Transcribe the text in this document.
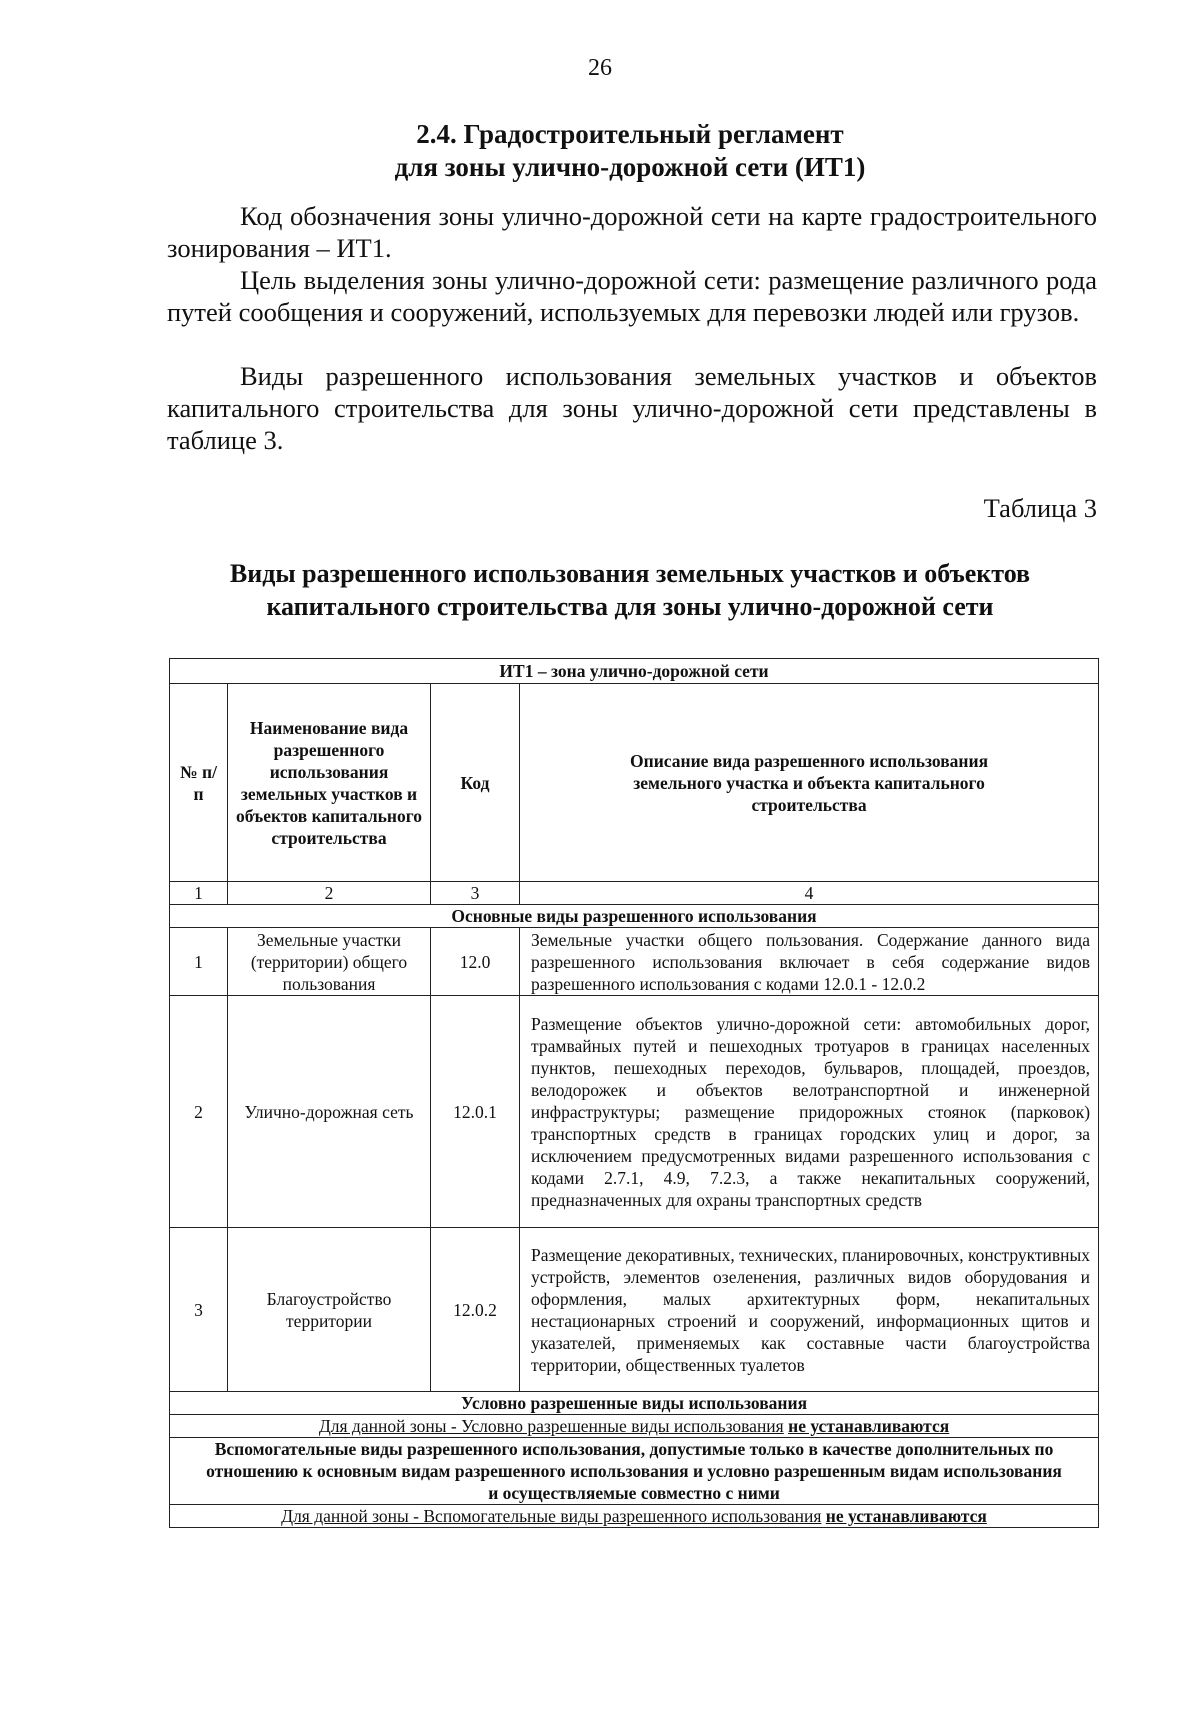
26
2.4. Градостроительный регламент
для зоны улично-дорожной сети (ИТ1)
Код обозначения зоны улично-дорожной сети на карте градостроительного зонирования – ИТ1.
Цель выделения зоны улично-дорожной сети: размещение различного рода путей сообщения и сооружений, используемых для перевозки людей или грузов.
Виды разрешенного использования земельных участков и объектов капитального строительства для зоны улично-дорожной сети представлены в таблице 3.
Таблица 3
Виды разрешенного использования земельных участков и объектов
капитального строительства для зоны улично-дорожной сети
ИТ1 – зона улично-дорожной сети			
№ п/п	Наименование вида разрешенного использования земельных участков и объектов капитального строительства	Код	Описание вида разрешенного использования земельного участка и объекта капитального строительства
1	2	3	4
Основные виды разрешенного использования			
1	Земельные участки (территории) общего пользования	12.0	Земельные участки общего пользования. Содержание данного вида разрешенного использования включает в себя содержание видов разрешенного использования с кодами 12.0.1 - 12.0.2
2	Улично-дорожная сеть	12.0.1	Размещение объектов улично-дорожной сети: автомобильных дорог, трамвайных путей и пешеходных тротуаров в границах населенных пунктов, пешеходных переходов, бульваров, площадей, проездов, велодорожек и объектов велотранспортной и инженерной инфраструктуры; размещение придорожных стоянок (парковок) транспортных средств в границах городских улиц и дорог, за исключением предусмотренных видами разрешенного использования с кодами 2.7.1, 4.9, 7.2.3, а также некапитальных сооружений, предназначенных для охраны транспортных средств
3	Благоустройство территории	12.0.2	Размещение декоративных, технических, планировочных, конструктивных устройств, элементов озеленения, различных видов оборудования и оформления, малых архитектурных форм, некапитальных нестационарных строений и сооружений, информационных щитов и указателей, применяемых как составные части благоустройства территории, общественных туалетов
Условно разрешенные виды использования			
Для данной зоны - Условно разрешенные виды использования не устанавливаются			
Вспомогательные виды разрешенного использования, допустимые только в качестве дополнительных по отношению к основным видам разрешенного использования и условно разрешенным видам использования и осуществляемые совместно с ними			
Для данной зоны - Вспомогательные виды разрешенного использования не устанавливаются			
